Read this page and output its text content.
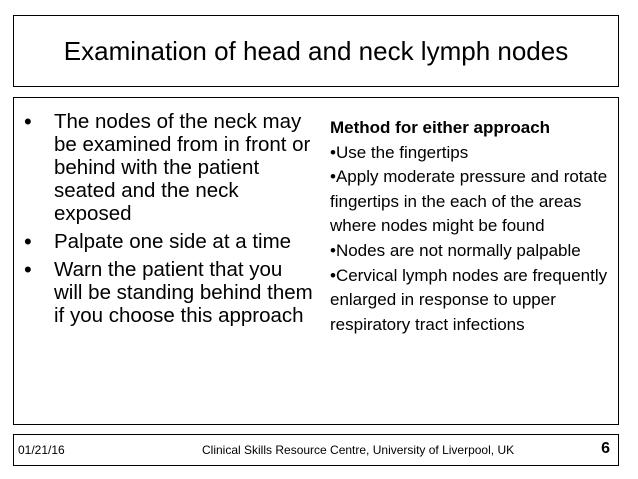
Examination of head and neck lymph nodes
•	The nodes of the neck may be examined from in front or behind with the patient seated and the neck exposed
•	Palpate one side at a time
•	Warn the patient that you will be standing behind them if you choose this approach
Method for either approach
•Use the fingertips
•Apply moderate pressure and rotate fingertips in the each of the areas where nodes might be found
•Nodes are not normally palpable
•Cervical lymph nodes are frequently enlarged in response to upper respiratory tract infections
01/21/16	Clinical Skills Resource Centre, University of Liverpool, UK	6
